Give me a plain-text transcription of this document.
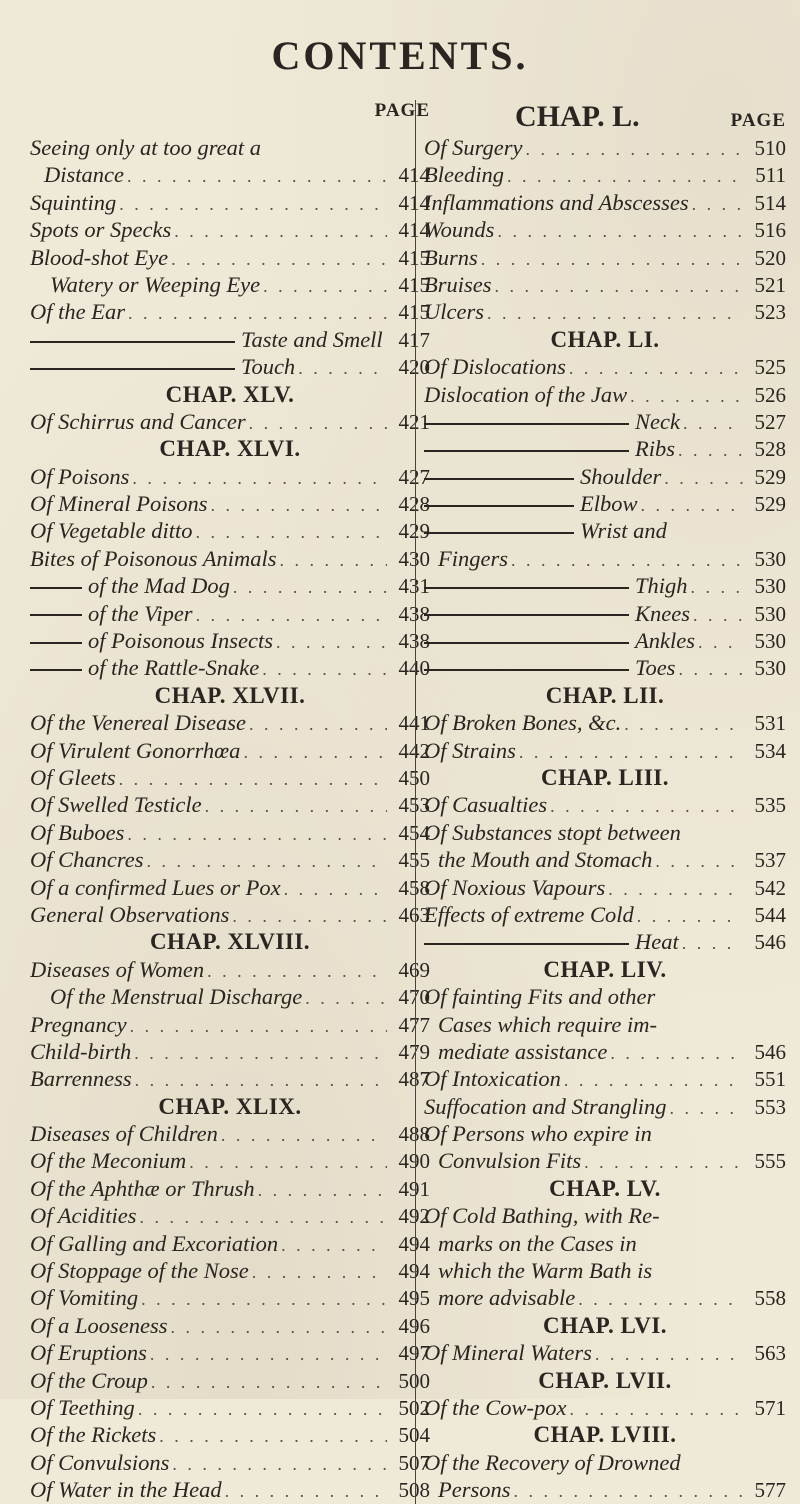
CONTENTS.
PAGE
Seeing only at too great a
Distance . . .	414
Squinting . . .	414
Spots or Specks . . .	414
Blood-shot Eye . . .	415
Watery or Weeping Eye . . .	415
Of the Ear . . .	415
Taste and Smell . . . 417
Touch . . .	420
CHAP. XLV.
Of Schirrus and Cancer . . .	421
CHAP. XLVI.
Of Poisons . . .	427
Of Mineral Poisons . . .	428
Of Vegetable ditto . . .	429
Bites of Poisonous Animals . . .	430
of the Mad Dog . . .	431
of the Viper . . .	438
of Poisonous Insects . . .	438
of the Rattle-Snake . . .	440
CHAP. XLVII.
Of the Venereal Disease . . .	441
Of Virulent Gonorrhœa . . .	442
Of Gleets . . .	450
Of Swelled Testicle . . .	453
Of Buboes . . .	454
Of Chancres . . .	455
Of a confirmed Lues or Pox . . .	458
General Observations . . .	463
CHAP. XLVIII.
Diseases of Women . . .	469
Of the Menstrual Discharge . . .	470
Pregnancy . . .	477
Child-birth . . .	479
Barrenness . . .	487
CHAP. XLIX.
Diseases of Children . . .	488
Of the Meconium . . .	490
Of the Aphthæ or Thrush . . .	491
Of Acidities . . .	492
Of Galling and Excoriation . . .	494
Of Stoppage of the Nose . . .	494
Of Vomiting . . .	495
Of a Looseness . . .	496
Of Eruptions . . .	497
Of the Croup . . .	500
Of Teething . . .	502
Of the Rickets . . .	504
Of Convulsions . . .	507
Of Water in the Head . . .	508
CHAP. L.	PAGE
Of Surgery . . .	510
Bleeding . . .	511
Inflammations and Abscesses . . .	514
Wounds . . .	516
Burns . . .	520
Bruises . . .	521
Ulcers . . .	523
CHAP. LI.
Of Dislocations . . .	525
Dislocation of the Jaw . . .	526
Neck . . .	527
Ribs . . .	528
Shoulder . . .	529
Elbow . . .	529
Wrist and
Fingers . . .	530
Thigh . . .	530
Knees . . .	530
Ankles . . .	530
Toes . . .	530
CHAP. LII.
Of Broken Bones, &c. . . .	531
Of Strains . . .	534
CHAP. LIII.
Of Casualties . . .	535
Of Substances stopt between
the Mouth and Stomach . . .	537
Of Noxious Vapours . . .	542
Effects of extreme Cold . . .	544
Heat . . .	546
CHAP. LIV.
Of fainting Fits and other
Cases which require im-
mediate assistance . . .	546
Of Intoxication . . .	551
Suffocation and Strangling . . .	553
Of Persons who expire in
Convulsion Fits . . .	555
CHAP. LV.
Of Cold Bathing, with Re-
marks on the Cases in
which the Warm Bath is
more advisable . . .	558
CHAP. LVI.
Of Mineral Waters . . .	563
CHAP. LVII.
Of the Cow-pox . . .	571
CHAP. LVIII.
Of the Recovery of Drowned
Persons . . .	577
